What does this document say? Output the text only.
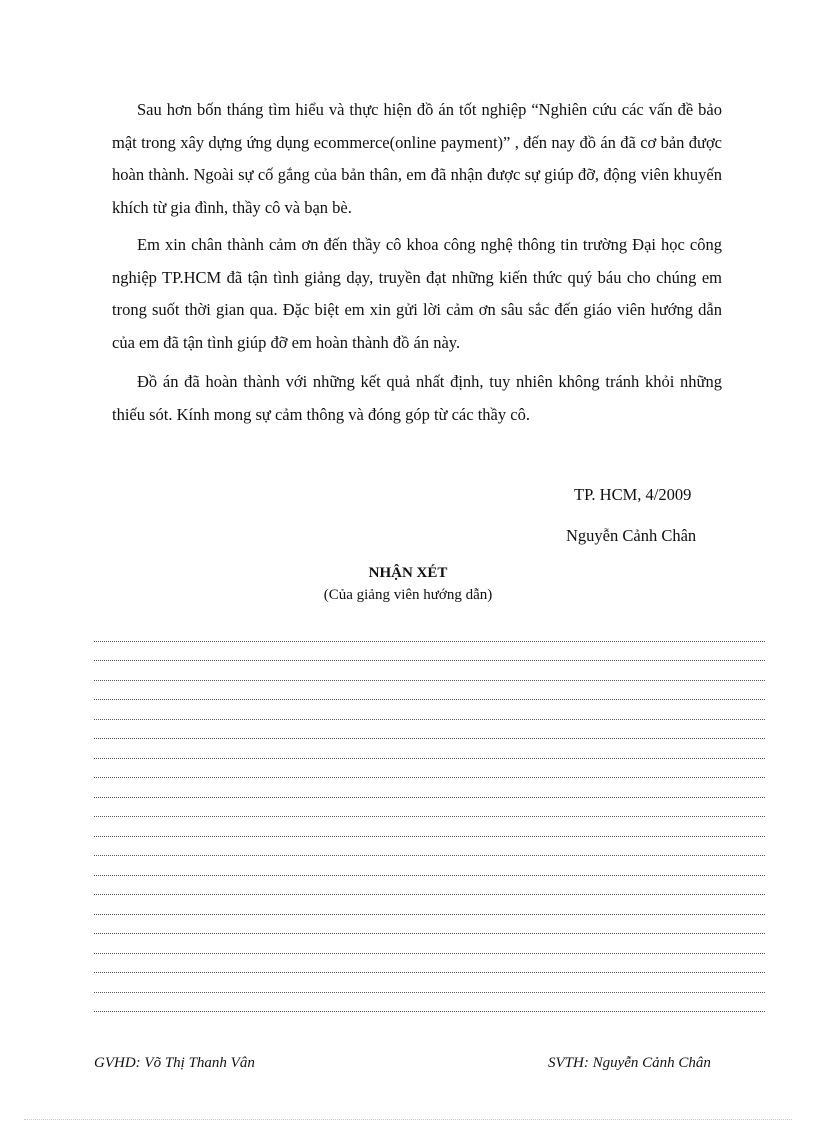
Sau hơn bốn tháng tìm hiểu và thực hiện đồ án tốt nghiệp “Nghiên cứu các vấn đề bảo mật trong xây dựng ứng dụng ecommerce(online payment)” , đến nay đồ án đã cơ bản được hoàn thành. Ngoài sự cố gắng của bản thân, em đã nhận được sự giúp đỡ, động viên khuyến khích từ gia đình, thầy cô và bạn bè.

Em xin chân thành cảm ơn đến thầy cô khoa công nghệ thông tin trường Đại học công nghiệp TP.HCM đã tận tình giảng dạy, truyền đạt những kiến thức quý báu cho chúng em trong suốt thời gian qua. Đặc biệt em xin gửi lời cảm ơn sâu sắc đến giáo viên hướng dẫn của em đã tận tình giúp đỡ em hoàn thành đồ án này.

Đồ án đã hoàn thành với những kết quả nhất định, tuy nhiên không tránh khỏi những thiếu sót. Kính mong sự cảm thông và đóng góp từ các thầy cô.

TP. HCM, 4/2009
Nguyễn Cảnh Chân
NHẬN XÉT
(Của giảng viên hướng dẫn)
GVHD: Võ Thị Thanh Vân	SVTH: Nguyễn Cảnh Chân
